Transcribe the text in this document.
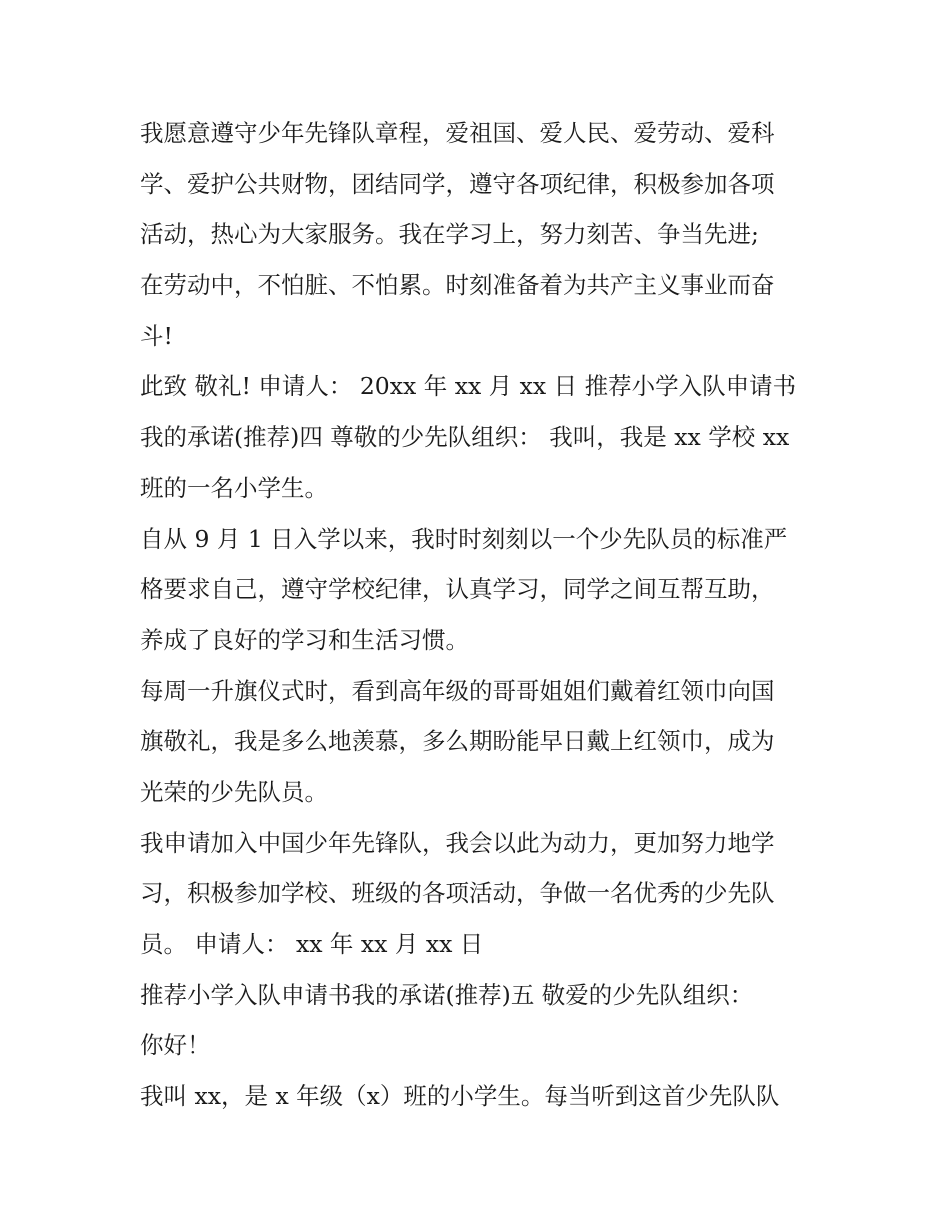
我愿意遵守少年先锋队章程，爱祖国、爱人民、爱劳动、爱科
学、爱护公共财物，团结同学，遵守各项纪律，积极参加各项
活动，热心为大家服务。我在学习上，努力刻苦、争当先进;
在劳动中，不怕脏、不怕累。时刻准备着为共产主义事业而奋
斗!
此致 敬礼! 申请人： 20xx 年 xx 月 xx 日 推荐小学入队申请书
我的承诺(推荐)四 尊敬的少先队组织： 我叫，我是 xx 学校 xx
班的一名小学生。
自从 9 月 1 日入学以来，我时时刻刻以一个少先队员的标准严
格要求自己，遵守学校纪律，认真学习，同学之间互帮互助，
养成了良好的学习和生活习惯。
每周一升旗仪式时，看到高年级的哥哥姐姐们戴着红领巾向国
旗敬礼，我是多么地羡慕，多么期盼能早日戴上红领巾，成为
光荣的少先队员。
我申请加入中国少年先锋队，我会以此为动力，更加努力地学
习，积极参加学校、班级的各项活动，争做一名优秀的少先队
员。 申请人： xx 年 xx 月 xx 日
推荐小学入队申请书我的承诺(推荐)五 敬爱的少先队组织：
你好！
我叫 xx，是 x 年级（x）班的小学生。每当听到这首少先队队
